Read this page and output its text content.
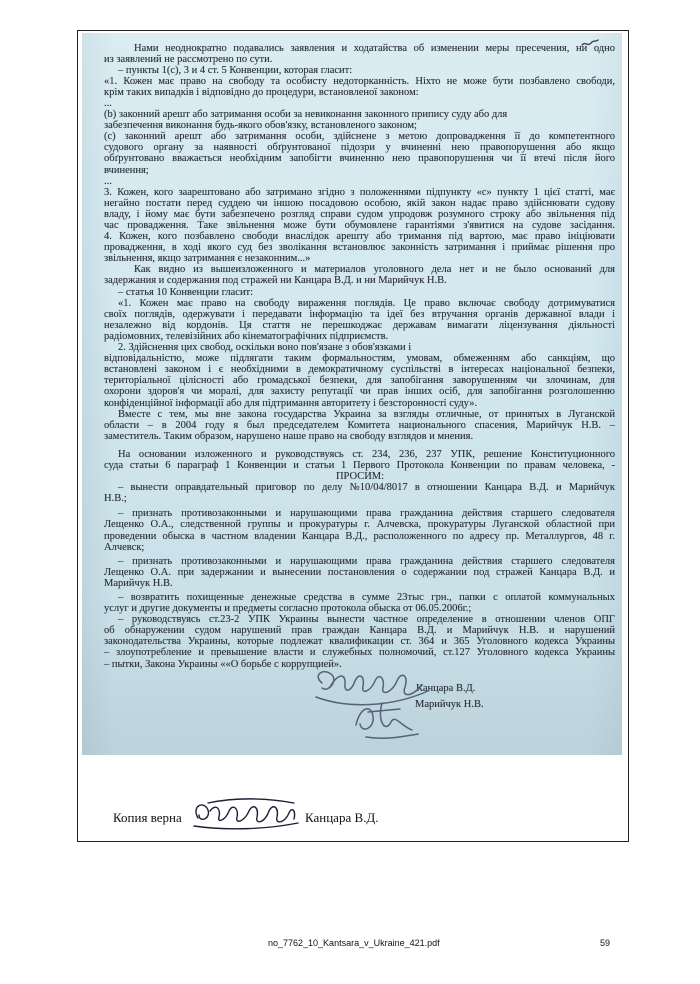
Нами неоднократно подавались заявления и ходатайства об изменении меры пресечения, ни одно
из заявлений не рассмотрено по сути.
– пункты 1(с), 3 и 4 ст. 5 Конвенции, которая гласит:
«1. Кожен має право на свободу та особисту недоторканність. Ніхто не може бути позбавлено свободи,
крім таких випадків і відповідно до процедури, встановленої законом:
...
(b) законний арешт або затримання особи за невиконання законного припису суду або для
забезпечення виконання будь-якого обов'язку, встановленого законом;
(с) законний арешт або затримання особи, здійснене з метою допровадження її до компетентного
судового органу за наявності обґрунтованої підозри у вчиненні нею правопорушення або якщо
обґрунтовано вважається необхідним запобігти вчиненню нею правопорушення чи її втечі після його
вчинення;
...
3. Кожен, кого заарештовано або затримано згідно з положеннями підпункту «с» пункту 1 цієї статті, має
негайно постати перед суддею чи іншою посадовою особою, якій закон надає право здійснювати судову
владу, і йому має бути забезпечено розгляд справи судом упродовж розумного строку або звільнення під
час провадження. Таке звільнення може бути обумовлене гарантіями з'явитися на судове засідання.
4. Кожен, кого позбавлено свободи внаслідок арешту або тримання під вартою, має право ініціювати
провадження, в ході якого суд без зволікання встановлює законність затримання і приймає рішення про
звільнення, якщо затримання є незаконним...»
Как видно из вышеизложенного и материалов уголовного дела нет и не было оснований для
задержания и содержания под стражей ни Канцара В.Д. и ни Марийчук Н.В.
– статья 10 Конвенции гласит:
«1. Кожен має право на свободу вираження поглядів. Це право включає свободу дотримуватися
своїх поглядів, одержувати і передавати інформацію та ідеї без втручання органів державної влади і
незалежно від кордонів. Ця стаття не перешкоджає державам вимагати ліцензування діяльності
радіомовних, телевізійних або кінематографічних підприємств.
2. Здійснення цих свобод, оскільки воно пов'язане з обов'язками і
відповідальністю, може підлягати таким формальностям, умовам, обмеженням або санкціям, що
встановлені законом і є необхідними в демократичному суспільстві в інтересах національної безпеки,
територіальної цілісності або громадської безпеки, для запобігання заворушенням чи злочинам, для
охорони здоров'я чи моралі, для захисту репутації чи прав інших осіб, для запобігання розголошенню
конфіденційної інформації або для підтримання авторитету і безсторонності суду».
Вместе с тем, мы вне закона государства Украина за взгляды отличные, от принятых в Луганской
области – в 2004 году я был председателем Комитета национального спасения, Марийчук Н.В. –
заместитель. Таким образом, нарушено наше право на свободу взглядов и мнения.
На основании изложенного и руководствуясь ст. 234, 236, 237 УПК, решение Конституционного
суда статьи 6 параграф 1 Конвенции и статьи 1 Первого Протокола Конвенции по правам человека, -
ПРОСИМ:
– вынести оправдательный приговор по делу №10/04/8017 в отношении Канцара В.Д. и Марийчук
Н.В.;
– признать противозаконными и нарушающими права гражданина действия старшего следователя
Лещенко О.А., следственной группы и прокуратуры г. Алчевска, прокуратуры Луганской областной при
проведении обыска в частном владении Канцара В.Д., расположенного по адресу пр. Металлургов, 48 г.
Алчевск;
– признать противозаконными и нарушающими права гражданина действия старшего следователя
Лещенко О.А. при задержании и вынесении постановления о содержании под стражей Канцара В.Д. и
Марийчук Н.В.
– возвратить похищенные денежные средства в сумме 23тыс грн., папки с оплатой коммунальных
услуг и другие документы и предметы согласно протокола обыска от 06.05.2006г.;
– руководствуясь ст.23-2 УПК Украины вынести частное определение в отношении членов ОПГ
об обнаружении судом нарушений прав граждан Канцара В.Д. и Марийчук Н.В. и нарушений
законодательства Украины, которые подлежат квалификации ст. 364 и 365 Уголовного кодекса Украины
– злоупотребление и превышение власти и служебных полномочий, ст.127 Уголовного кодекса Украины
– пытки, Закона Украины ««О борьбе с коррупцией».
Канцара В.Д.
Марийчук Н.В.
Копия верна	Канцара В.Д.
no_7762_10_Kantsara_v_Ukraine_421.pdf	59
